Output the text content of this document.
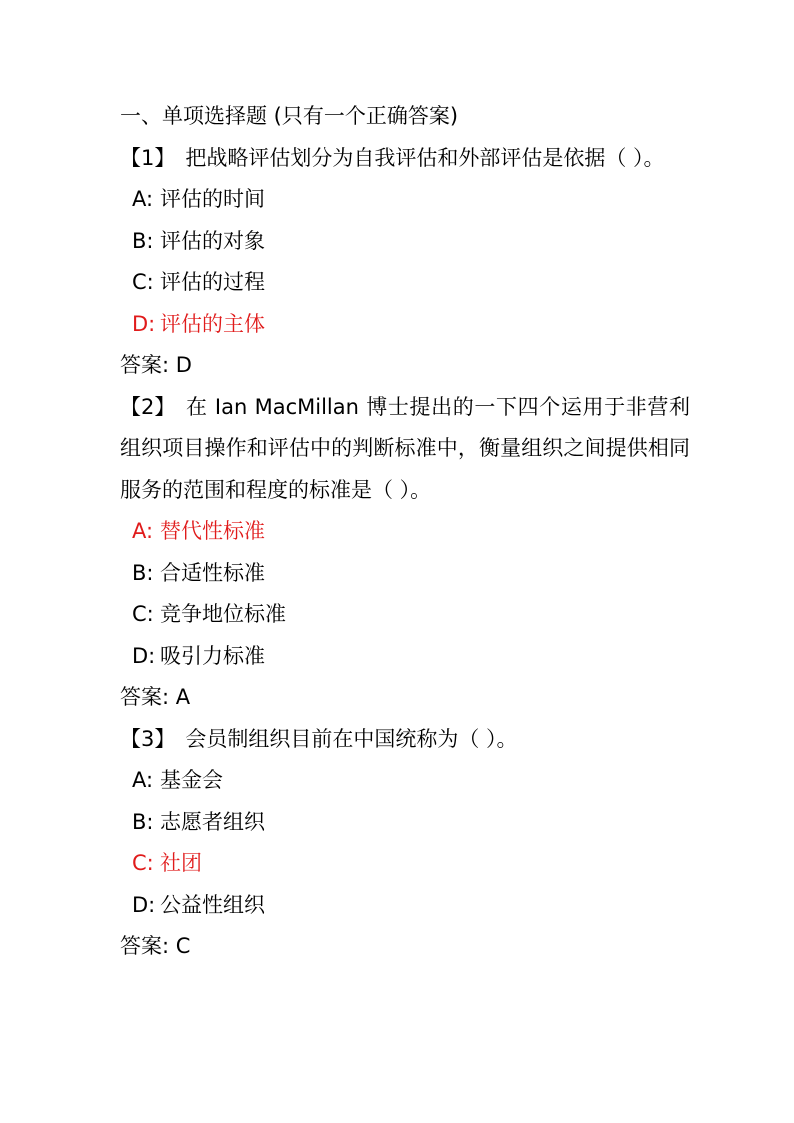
一、单项选择题 (只有一个正确答案)
【1】 把战略评估划分为自我评估和外部评估是依据（ ）。
A: 评估的时间
B: 评估的对象
C: 评估的过程
D: 评估的主体
答案: D
【2】 在 Ian MacMillan 博士提出的一下四个运用于非营利组织项目操作和评估中的判断标准中，衡量组织之间提供相同服务的范围和程度的标准是（ ）。
A: 替代性标准
B: 合适性标准
C: 竞争地位标准
D: 吸引力标准
答案: A
【3】 会员制组织目前在中国统称为（ ）。
A: 基金会
B: 志愿者组织
C: 社团
D: 公益性组织
答案: C
